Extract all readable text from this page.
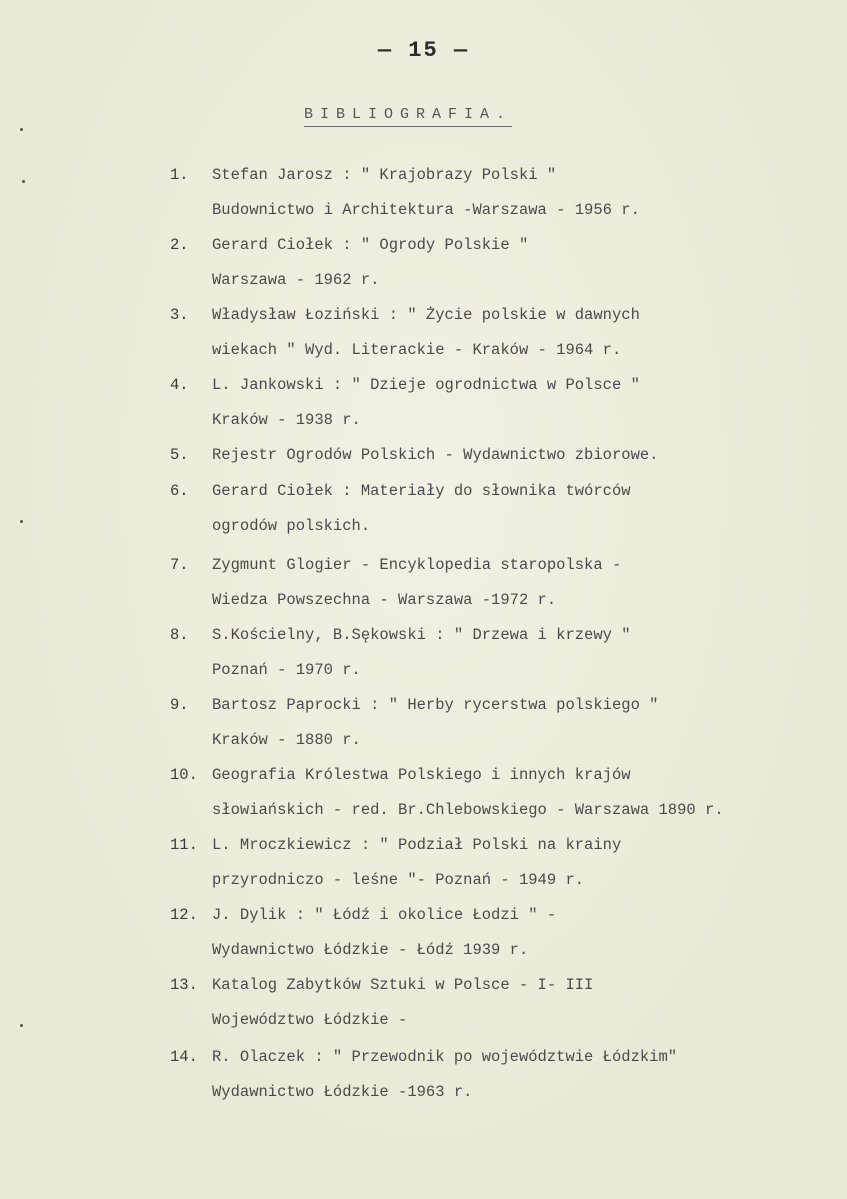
— 15 —
BIBLIOGRAFIA.
1. Stefan Jarosz : " Krajobrazy Polski "
Budownictwo i Architektura -Warszawa - 1956 r.
2. Gerard Ciołek : " Ogrody Polskie "
Warszawa - 1962 r.
3. Władysław Łoziński : " Życie polskie w dawnych
wiekach " Wyd. Literackie - Kraków - 1964 r.
4. L. Jankowski : " Dzieje ogrodnictwa w Polsce "
Kraków - 1938 r.
5. Rejestr Ogrodów Polskich - Wydawnictwo zbiorowe.
6. Gerard Ciołek : Materiały do słownika twórców
ogrodów polskich.
7. Zygmunt Glogier - Encyklopedia staropolska -
Wiedza Powszechna - Warszawa -1972 r.
8. S.Kościelny, B.Sękowski : " Drzewa i krzewy "
Poznań - 1970 r.
9. Bartosz Paprocki : " Herby rycerstwa polskiego "
Kraków - 1880 r.
10. Geografia Królestwa Polskiego i innych krajów
słowiańskich - red. Br.Chlebowskiego - Warszawa 1890 r.
11. L. Mroczkiewicz : " Podział Polski na krainy
przyrodniczo - leśne "- Poznań - 1949 r.
12. J. Dylik : " Łódź i okolice Łodzi " -
Wydawnictwo Łódzkie - Łódź 1939 r.
13. Katalog Zabytków Sztuki w Polsce - I- III
Województwo Łódzkie -
14. R. Olaczek : " Przewodnik po województwie Łódzkim"
Wydawnictwo Łódzkie -1963 r.
